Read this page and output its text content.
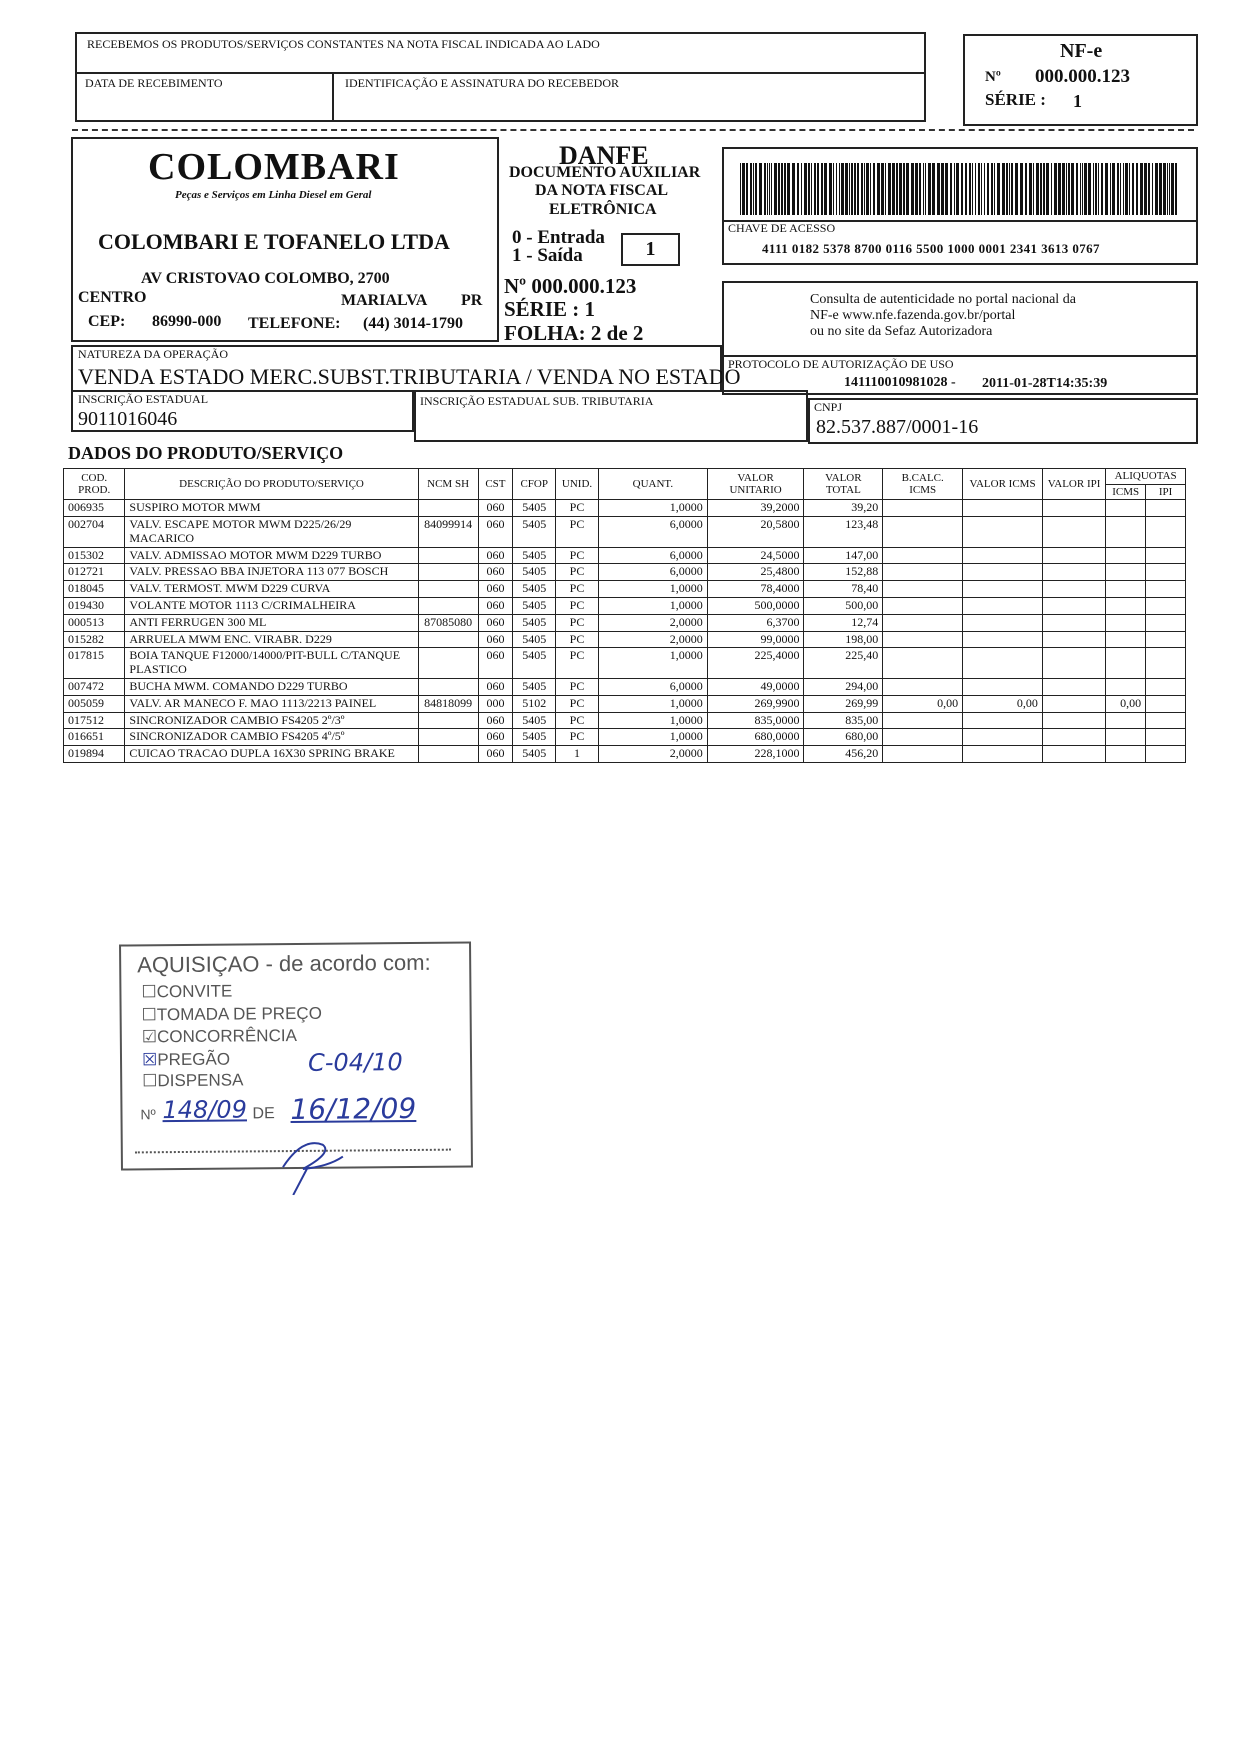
RECEBEMOS OS PRODUTOS/SERVIÇOS CONSTANTES NA NOTA FISCAL INDICADA AO LADO
DATA DE RECEBIMENTO	IDENTIFICAÇÃO E ASSINATURA DO RECEBEDOR
NF-e
Nº 000.000.123
SÉRIE : 1
COLOMBARI
Peças e Serviços em Linha Diesel em Geral
COLOMBARI E TOFANELO LTDA
AV CRISTOVAO COLOMBO, 2700
CENTRO	MARIALVA PR
CEP: 86990-000 TELEFONE: (44) 3014-1790
DANFE
DOCUMENTO AUXILIAR
DA NOTA FISCAL
ELETRÔNICA
0 - Entrada
1 - Saída	1
Nº 000.000.123
SÉRIE : 1
FOLHA: 2 de 2
CHAVE DE ACESSO
4111 0182 5378 8700 0116 5500 1000 0001 2341 3613 0767
Consulta de autenticidade no portal nacional da
NF-e www.nfe.fazenda.gov.br/portal
ou no site da Sefaz Autorizadora
NATUREZA DA OPERAÇÃO
VENDA ESTADO MERC.SUBST.TRIBUTARIA / VENDA NO ESTADO
PROTOCOLO DE AUTORIZAÇÃO DE USO
141110010981028 - 2011-01-28T14:35:39
INSCRIÇÃO ESTADUAL
9011016046
INSCRIÇÃO ESTADUAL SUB. TRIBUTARIA	CNPJ
82.537.887/0001-16
DADOS DO PRODUTO/SERVIÇO
COD. PROD.	DESCRIÇÃO DO PRODUTO/SERVIÇO	NCM SH	CST	CFOP	UNID.	QUANT.	VALOR UNITARIO	VALOR TOTAL	B.CALC. ICMS	VALOR ICMS	VALOR IPI	ALIQUOTAS	
												ICMS	IPI
006935	SUSPIRO MOTOR MWM		060	5405	PC	1,0000	39,2000	39,20					
002704	VALV. ESCAPE MOTOR MWM D225/26/29 MACARICO	84099914	060	5405	PC	6,0000	20,5800	123,48					
015302	VALV. ADMISSAO MOTOR MWM D229 TURBO		060	5405	PC	6,0000	24,5000	147,00					
012721	VALV. PRESSAO BBA INJETORA 113 077 BOSCH		060	5405	PC	6,0000	25,4800	152,88					
018045	VALV. TERMOST. MWM D229 CURVA		060	5405	PC	1,0000	78,4000	78,40					
019430	VOLANTE MOTOR 1113 C/CRIMALHEIRA		060	5405	PC	1,0000	500,0000	500,00					
000513	ANTI FERRUGEN 300 ML	87085080	060	5405	PC	2,0000	6,3700	12,74					
015282	ARRUELA MWM ENC. VIRABR. D229		060	5405	PC	2,0000	99,0000	198,00					
017815	BOIA TANQUE F12000/14000/PIT-BULL C/TANQUE PLASTICO		060	5405	PC	1,0000	225,4000	225,40					
007472	BUCHA MWM. COMANDO D229 TURBO		060	5405	PC	6,0000	49,0000	294,00					
005059	VALV. AR MANECO F. MAO 1113/2213 PAINEL	84818099	000	5102	PC	1,0000	269,9900	269,99	0,00	0,00		0,00	
017512	SINCRONIZADOR CAMBIO FS4205 2º/3º		060	5405	PC	1,0000	835,0000	835,00					
016651	SINCRONIZADOR CAMBIO FS4205 4º/5º		060	5405	PC	1,0000	680,0000	680,00					
019894	CUICAO TRACAO DUPLA 16X30 SPRING BRAKE		060	5405	1	2,0000	228,1000	456,20					
AQUISIÇAO - de acordo com:
☐CONVITE
☐TOMADA DE PREÇO
☑CONCORRÊNCIA
☒PREGÃO
☐DISPENSA
C-04/10
Nº 148/09 DE 16/12/09
